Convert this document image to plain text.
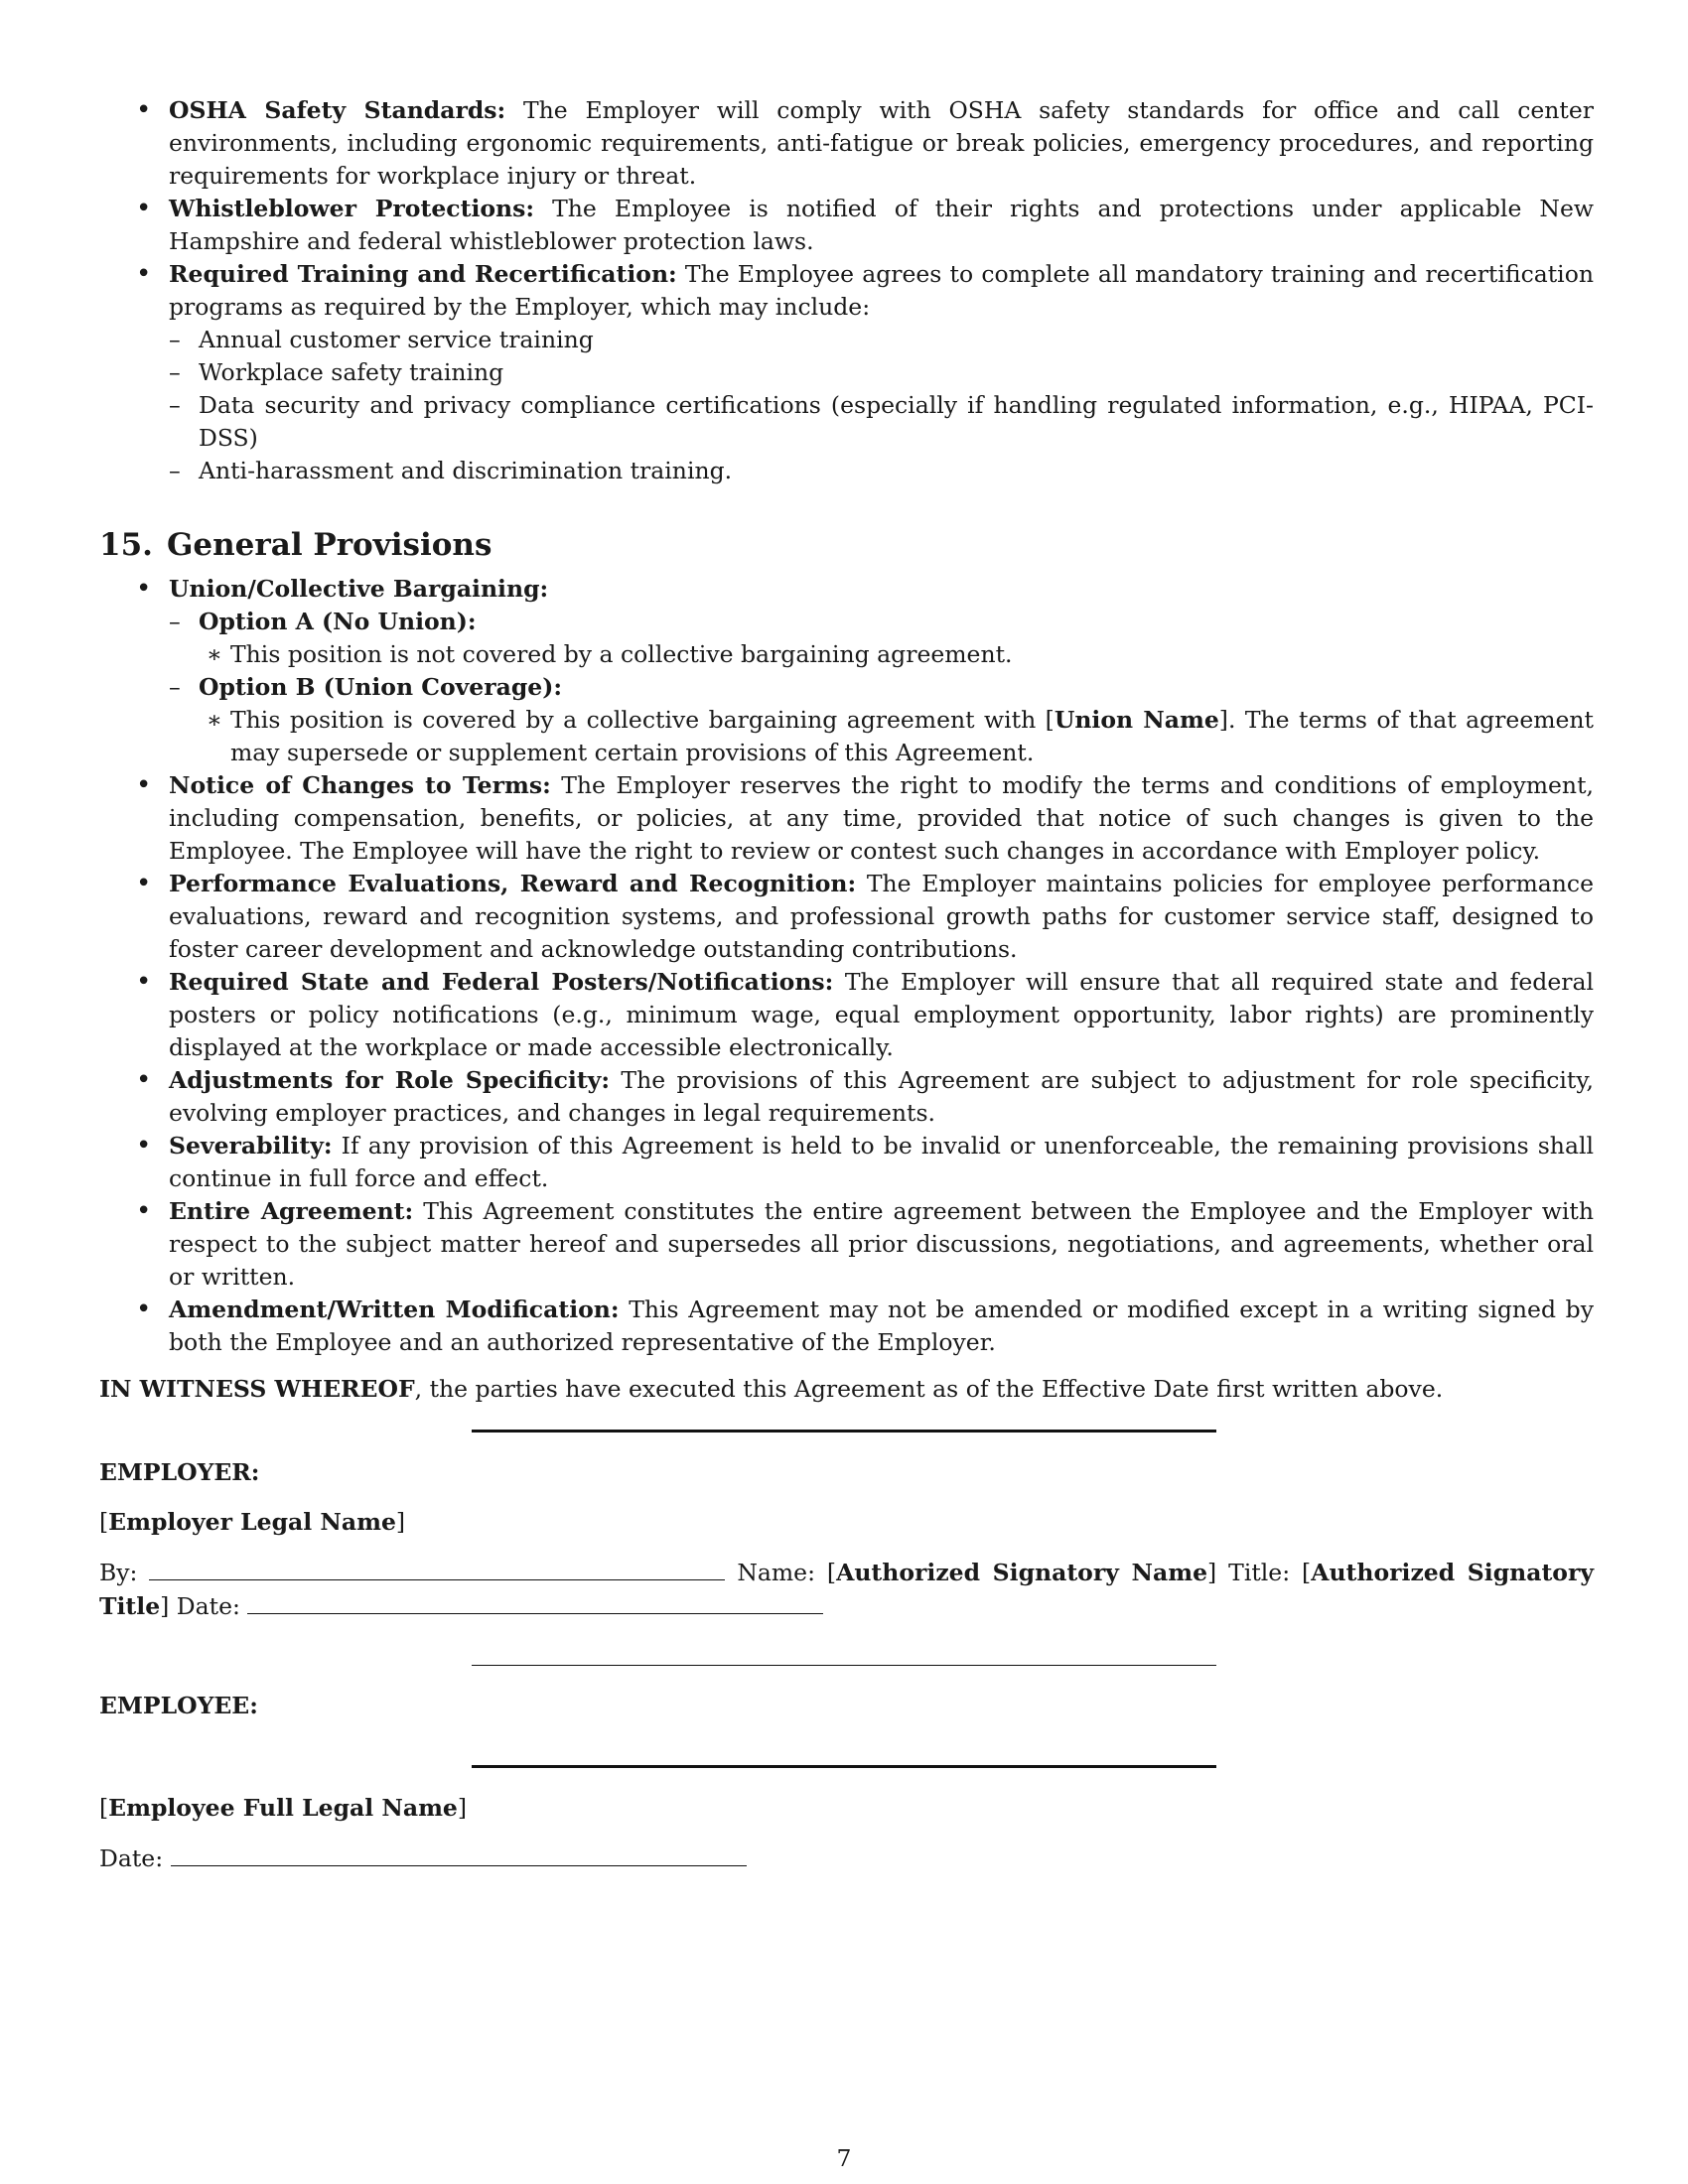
• OSHA Safety Standards: The Employer will comply with OSHA safety standards for office and call center environments, including ergonomic requirements, anti-fatigue or break policies, emergency procedures, and reporting requirements for workplace injury or threat.
• Whistleblower Protections: The Employee is notified of their rights and protections under applicable New Hampshire and federal whistleblower protection laws.
• Required Training and Recertification: The Employee agrees to complete all mandatory training and recertification programs as required by the Employer, which may include:
– Annual customer service training
– Workplace safety training
– Data security and privacy compliance certifications (especially if handling regulated information, e.g., HIPAA, PCI-DSS)
– Anti-harassment and discrimination training.
15. General Provisions
• Union/Collective Bargaining:
– Option A (No Union):
∗ This position is not covered by a collective bargaining agreement.
– Option B (Union Coverage):
∗ This position is covered by a collective bargaining agreement with [Union Name]. The terms of that agreement may supersede or supplement certain provisions of this Agreement.
• Notice of Changes to Terms: The Employer reserves the right to modify the terms and conditions of employment, including compensation, benefits, or policies, at any time, provided that notice of such changes is given to the Employee. The Employee will have the right to review or contest such changes in accordance with Employer policy.
• Performance Evaluations, Reward and Recognition: The Employer maintains policies for employee performance evaluations, reward and recognition systems, and professional growth paths for customer service staff, designed to foster career development and acknowledge outstanding contributions.
• Required State and Federal Posters/Notifications: The Employer will ensure that all required state and federal posters or policy notifications (e.g., minimum wage, equal employment opportunity, labor rights) are prominently displayed at the workplace or made accessible electronically.
• Adjustments for Role Specificity: The provisions of this Agreement are subject to adjustment for role specificity, evolving employer practices, and changes in legal requirements.
• Severability: If any provision of this Agreement is held to be invalid or unenforceable, the remaining provisions shall continue in full force and effect.
• Entire Agreement: This Agreement constitutes the entire agreement between the Employee and the Employer with respect to the subject matter hereof and supersedes all prior discussions, negotiations, and agreements, whether oral or written.
• Amendment/Written Modification: This Agreement may not be amended or modified except in a writing signed by both the Employee and an authorized representative of the Employer.

IN WITNESS WHEREOF, the parties have executed this Agreement as of the Effective Date first written above.

EMPLOYER:
[Employer Legal Name]
By:	Name: [Authorized Signatory Name] Title: [Authorized Signatory Title] Date:
EMPLOYEE:
[Employee Full Legal Name]
Date:
7
